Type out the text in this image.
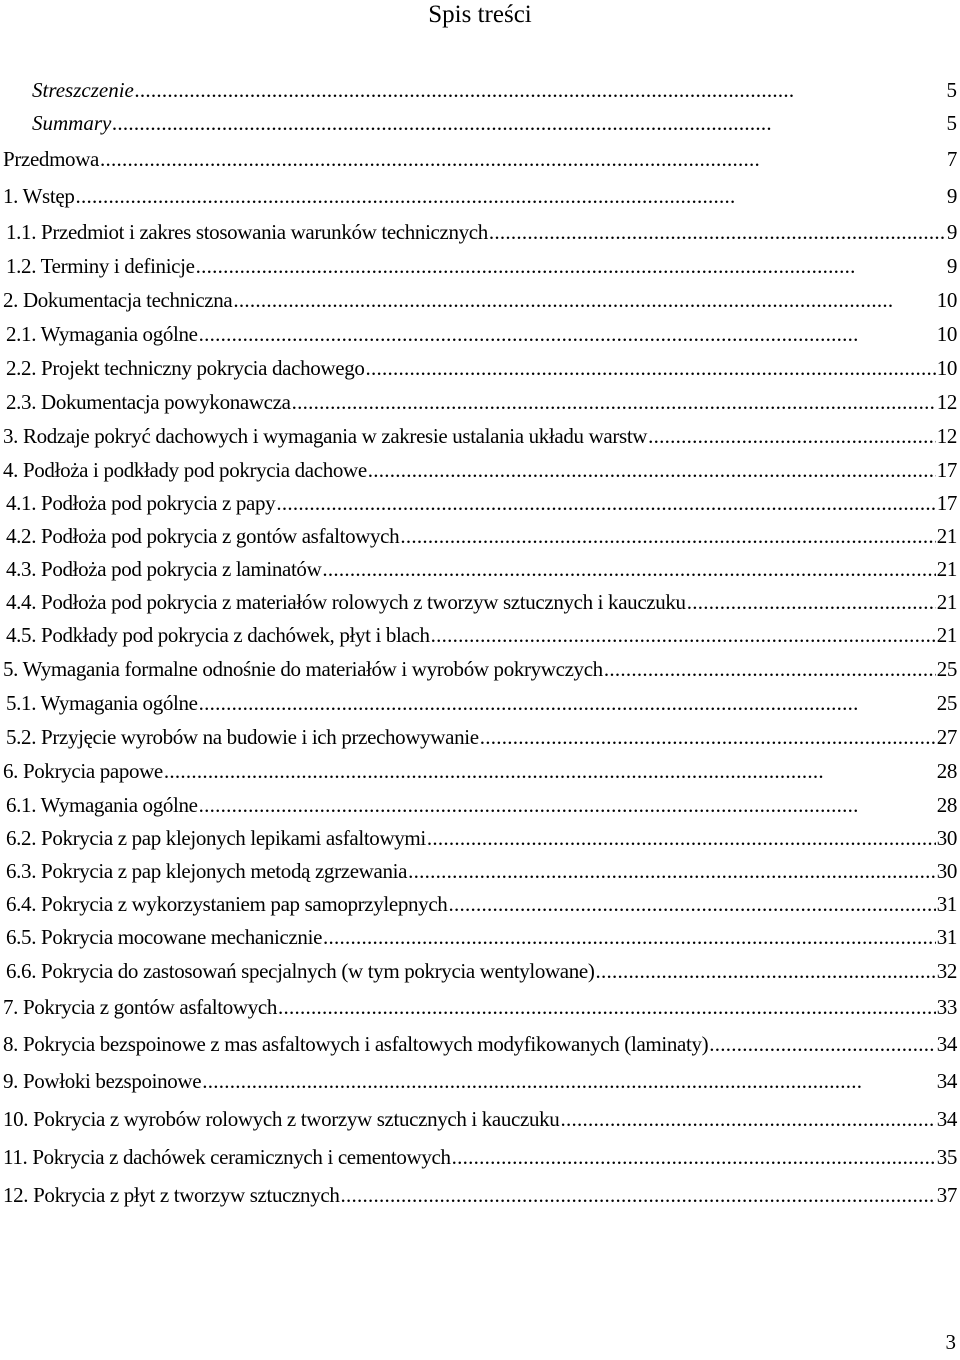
Spis treści
Streszczenie . . .	5
Summary . . .	5
Przedmowa . . .	7
1. Wstęp . . .	9
1.1. Przedmiot i zakres stosowania warunków technicznych . . .	9
1.2. Terminy i definicje . . .	9
2. Dokumentacja techniczna . . .	10
2.1. Wymagania ogólne . . .	10
2.2. Projekt techniczny pokrycia dachowego . . .	10
2.3. Dokumentacja powykonawcza . . .	12
3. Rodzaje pokryć dachowych i wymagania w zakresie ustalania układu warstw . . .	12
4. Podłoża i podkłady pod pokrycia dachowe . . .	17
4.1. Podłoża pod pokrycia z papy . . .	17
4.2. Podłoża pod pokrycia z gontów asfaltowych . . .	21
4.3. Podłoża pod pokrycia z laminatów . . .	21
4.4. Podłoża pod pokrycia z materiałów rolowych z tworzyw sztucznych i kauczuku . . .	21
4.5. Podkłady pod pokrycia z dachówek, płyt i blach . . .	21
5. Wymagania formalne odnośnie do materiałów i wyrobów pokrywczych . . .	25
5.1. Wymagania ogólne . . .	25
5.2. Przyjęcie wyrobów na budowie i ich przechowywanie . . .	27
6. Pokrycia papowe . . .	28
6.1. Wymagania ogólne . . .	28
6.2. Pokrycia z pap klejonych lepikami asfaltowymi . . .	30
6.3. Pokrycia z pap klejonych metodą zgrzewania . . .	30
6.4. Pokrycia z wykorzystaniem pap samoprzylepnych . . .	31
6.5. Pokrycia mocowane mechanicznie . . .	31
6.6. Pokrycia do zastosowań specjalnych (w tym pokrycia wentylowane) . . .	32
7. Pokrycia z gontów asfaltowych . . .	33
8. Pokrycia bezspoinowe z mas asfaltowych i asfaltowych modyfikowanych (laminaty) . . .	34
9. Powłoki bezspoinowe . . .	34
10. Pokrycia z wyrobów rolowych z tworzyw sztucznych i kauczuku . . .	34
11. Pokrycia z dachówek ceramicznych i cementowych . . .	35
12. Pokrycia z płyt z tworzyw sztucznych . . .	37
3
